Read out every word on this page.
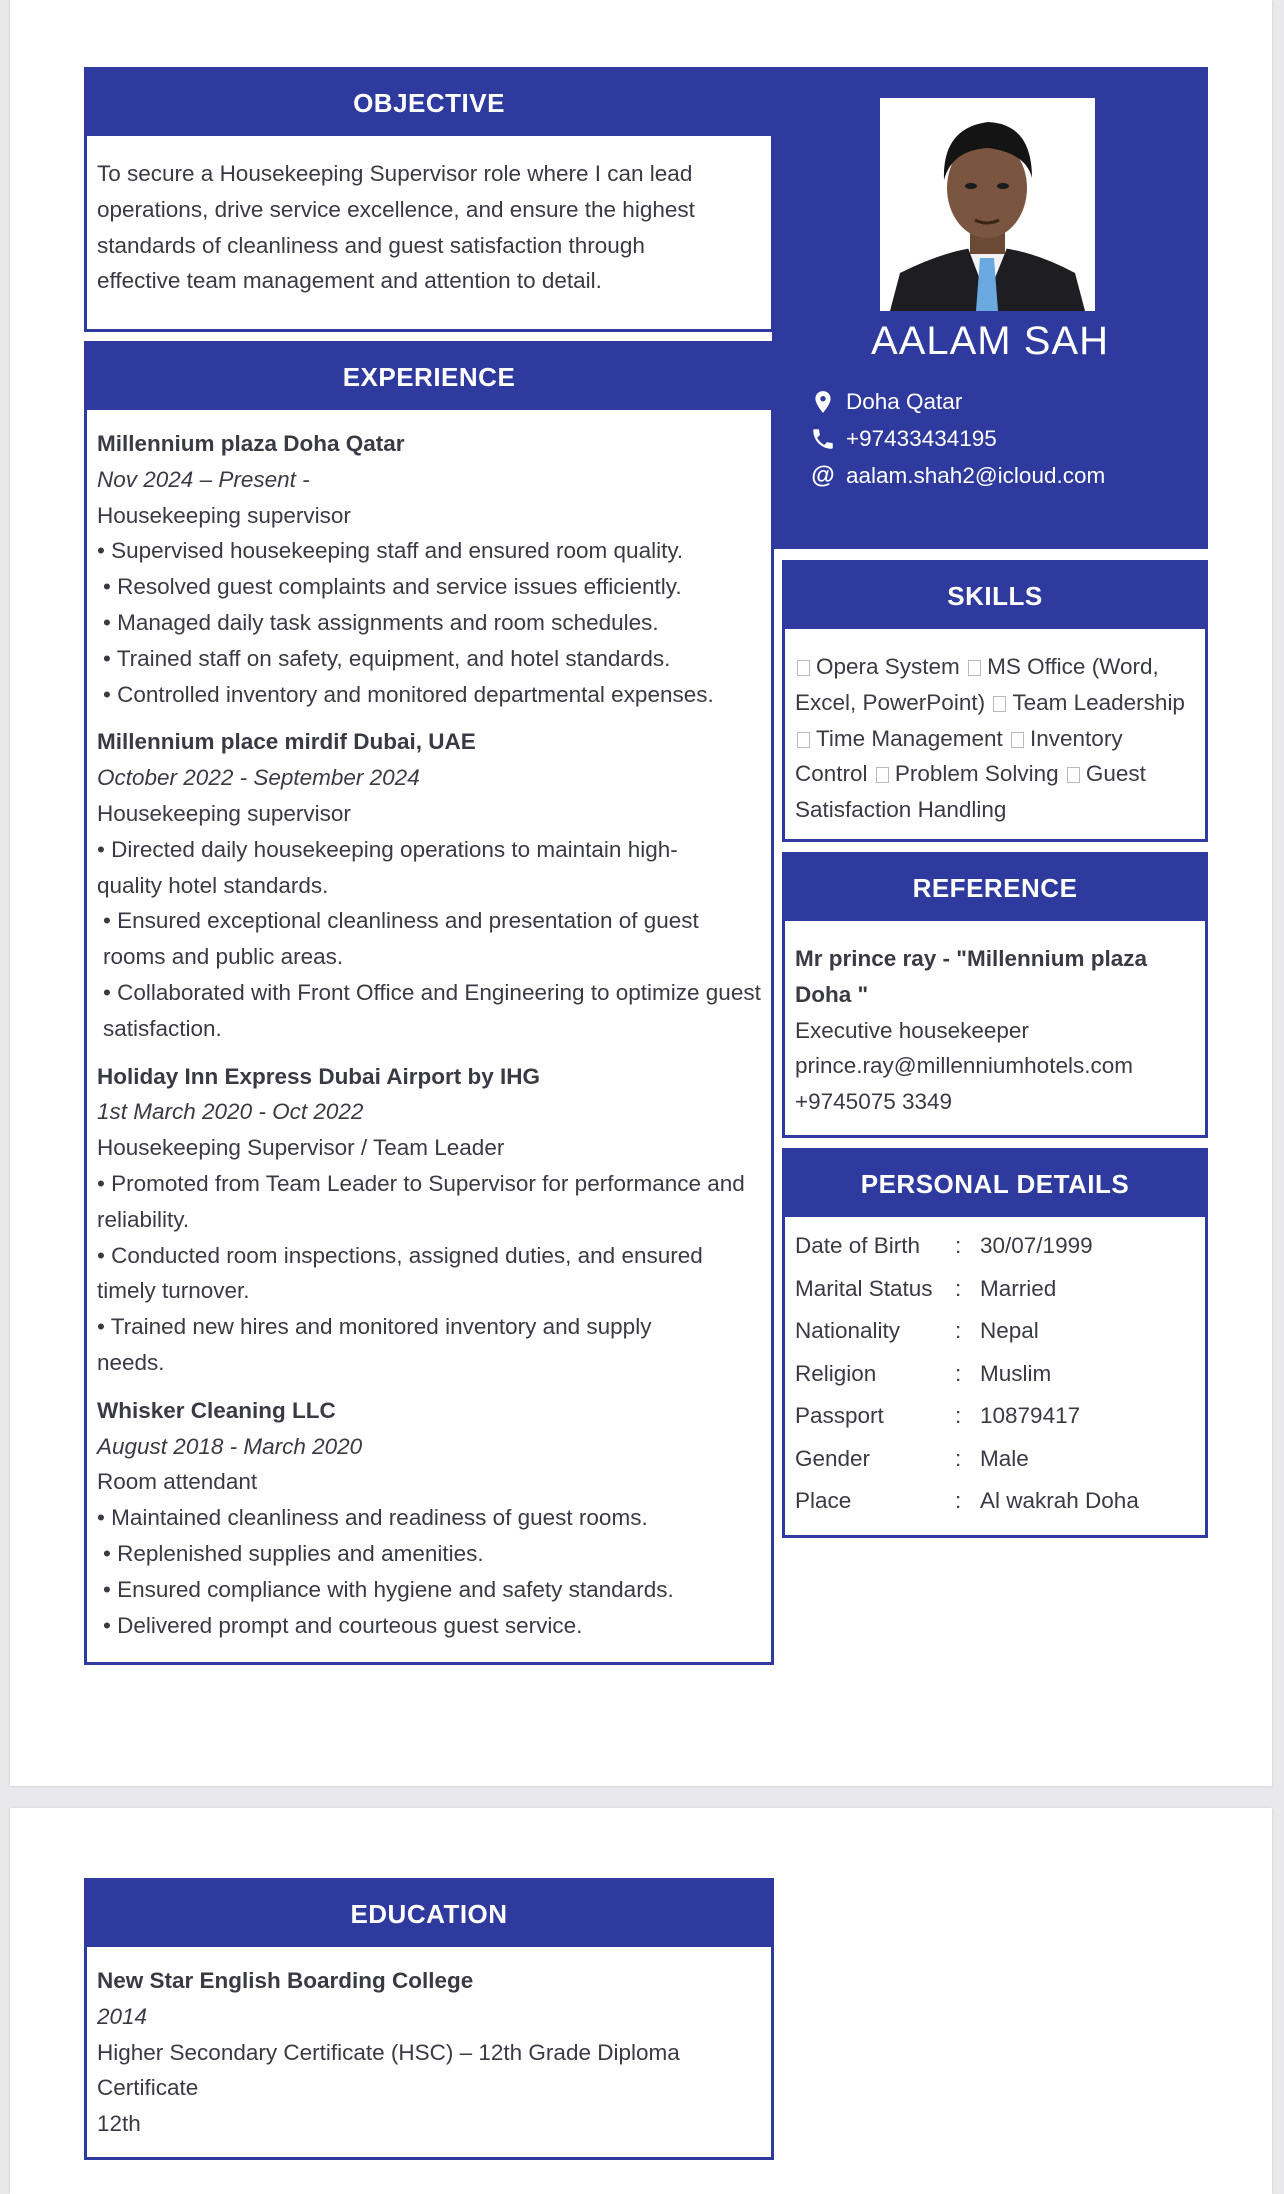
OBJECTIVE

To secure a Housekeeping Supervisor role where I can lead

operations, drive service excellence, and ensure the highest

standards of cleanliness and guest satisfaction through

effective team management and attention to detail.

EXPERIENCE

Millennium plaza Doha Qatar

Nov 2024 – Present -

Housekeeping supervisor

• Supervised housekeeping staff and ensured room quality.

• Resolved guest complaints and service issues efficiently.

• Managed daily task assignments and room schedules.

• Trained staff on safety, equipment, and hotel standards.

• Controlled inventory and monitored departmental expenses.

Millennium place mirdif Dubai, UAE

October 2022 - September 2024

Housekeeping supervisor

• Directed daily housekeeping operations to maintain high-quality hotel standards.

• Ensured exceptional cleanliness and presentation of guest rooms and public areas.

• Collaborated with Front Office and Engineering to optimize guest satisfaction.

Holiday Inn Express Dubai Airport by IHG

1st March 2020 - Oct 2022

Housekeeping Supervisor / Team Leader

• Promoted from Team Leader to Supervisor for performance and reliability.

• Conducted room inspections, assigned duties, and ensured timely turnover.

• Trained new hires and monitored inventory and supply needs.

Whisker Cleaning LLC

August 2018 - March 2020

Room attendant

• Maintained cleanliness and readiness of guest rooms.

• Replenished supplies and amenities.

• Ensured compliance with hygiene and safety standards.

• Delivered prompt and courteous guest service.

AALAM SAH
Doha Qatar
+97433434195
@ aalam.shah2@icloud.com
SKILLS
Opera System MS Office (Word, Excel, PowerPoint) Team Leadership Time Management Inventory Control Problem Solving Guest Satisfaction Handling
REFERENCE

Mr prince ray - "Millennium plaza

Doha "

Executive housekeeper

prince.ray@millenniumhotels.com

+9745075 3349

PERSONAL DETAILS
Date of Birth	:	30/07/1999
Marital Status	:	Married
Nationality	:	Nepal
Religion	:	Muslim
Passport	:	10879417
Gender	:	Male
Place	:	Al wakrah Doha
EDUCATION

New Star English Boarding College

2014

Higher Secondary Certificate (HSC) – 12th Grade Diploma Certificate

12th
